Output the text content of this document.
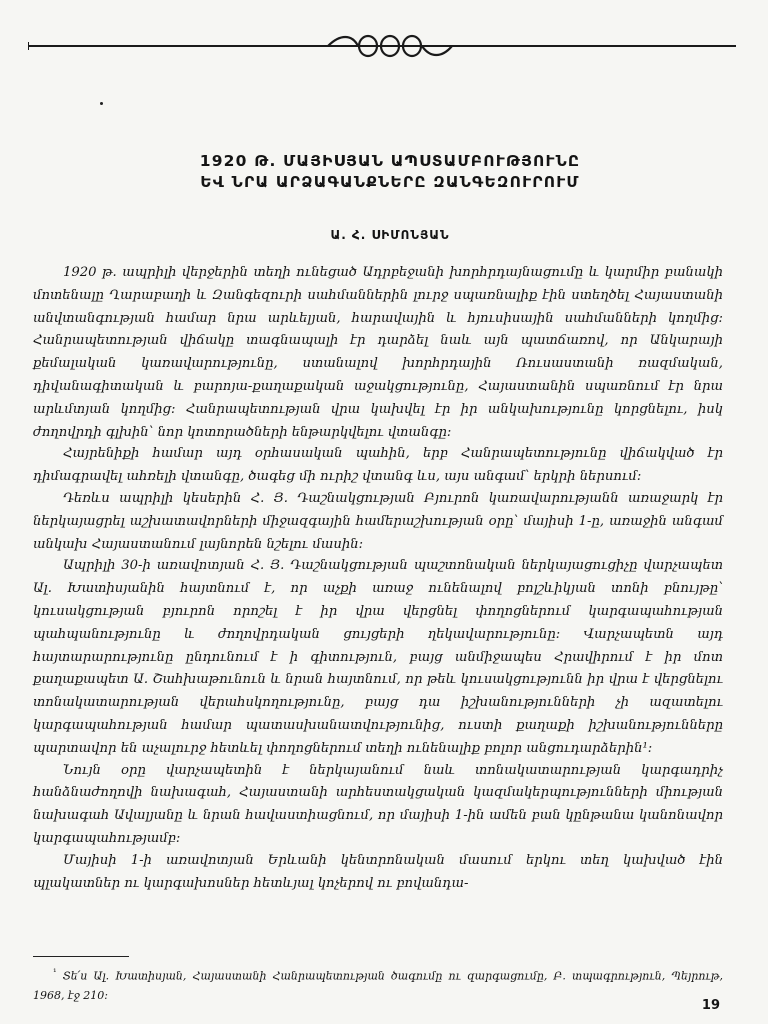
1920 Թ. ՄԱՅԻՍՅԱՆ ԱՊՍՏԱՄԲՈՒԹՅՈՒՆԸ
ԵՎ ՆՐԱ ԱՐՁԱԳԱՆՔՆԵՐԸ ԶԱՆԳԵԶՈՒՐՈՒՄ
Ա. Հ. ՍԻՄՈՆՅԱՆ

1920 թ. ապրիլի վերջերին տեղի ունեցած Ադրբեջանի խորհրդայնացումը և կարմիր բանակի մոտենալը Ղարաբաղի և Զանգեզուրի սահմաններին լուրջ սպառնալիք էին ստեղծել Հայաստանի անվտանգության համար նրա արևելյան, հարավային և հյուսիսային սահմանների կողմից: Հանրապետության վիճակը տագնապալի էր դարձել նաև այն պատճառով, որ Անկարայի քեմալական կառավարությունը, ստանալով խորհրդային Ռուսաստանի ռազմական, դիվանագիտական և բարոյա-քաղաքական աջակցությունը, Հայաստանին սպառնում էր նրա արևմտյան կողմից: Հանրապետության վրա կախվել էր իր անկախությունը կորցնելու, իսկ ժողովրդի գլխին՝ նոր կոտորածների ենթարկվելու վտանգը:

Հայրենիքի համար այդ օրհասական պահին, երբ Հանրապետությունը վիճակված էր դիմագրավել ահռելի վտանգը, ծագեց մի ուրիշ վտանգ ևս, այս անգամ՝ երկրի ներսում:

Դեռևս ապրիլի կեսերին Հ. Յ. Դաշնակցության Բյուրոն կառավարությանն առաջարկ էր ներկայացրել աշխատավորների միջազգային համերաշխության օրը՝ մայիսի 1-ը, առաջին անգամ անկախ Հայաստանում լայնորեն նշելու մասին:

Ապրիլի 30-ի առավոտյան Հ. Յ. Դաշնակցության պաշտոնական ներկայացուցիչը վարչապետ Ալ. Խատիսյանին հայտնում է, որ աչքի առաջ ունենալով բոլշևիկյան տոնի բնույթը՝ կուսակցության բյուրոն որոշել է իր վրա վերցնել փողոցներում կարգապահության պահպանությունը և ժողովրդական ցույցերի ղեկավարությունը: Վարչապետն այդ հայտարարությունը ընդունում է ի գիտություն, բայց անմիջապես Հրավիրում է իր մոտ քաղաքապետ Ա. Շահխաթունուն և նրան հայտնում, որ թեև կուսակցությունն իր վրա է վերցնելու տոնակատարության վերահսկողությունը, բայց դա իշխանությունների չի ազատելու կարգապահության համար պատասխանատվությունից, ուստի քաղաքի իշխանությունները պարտավոր են աչալուրջ հետևել փողոցներում տեղի ունենալիք բոլոր անցուդարձերին¹:

Նույն օրը վարչապետին է ներկայանում նաև տոնակատարության կարգադրիչ հանձնաժողովի նախագահ, Հայաստանի արհեստակցական կազմակերպությունների միության նախագահ Ավալյանը և նրան հավաստիացնում, որ մայիսի 1-ին ամեն բան կընթանա կանոնավոր կարգապահությամբ:

Մայիսի 1-ի առավոտյան Երևանի կենտրոնական մասում երկու տեղ կախված էին պլակատներ ու կարգախոսներ հետևյալ կոչերով ու բովանդա-

$^{^1}$ Տե՛ս Ալ. Խատիսյան, Հայաստանի Հանրապետության ծագումը ու զարգացումը, Բ. տպագրություն, Պեյրութ, 1968, էջ 210:
19
